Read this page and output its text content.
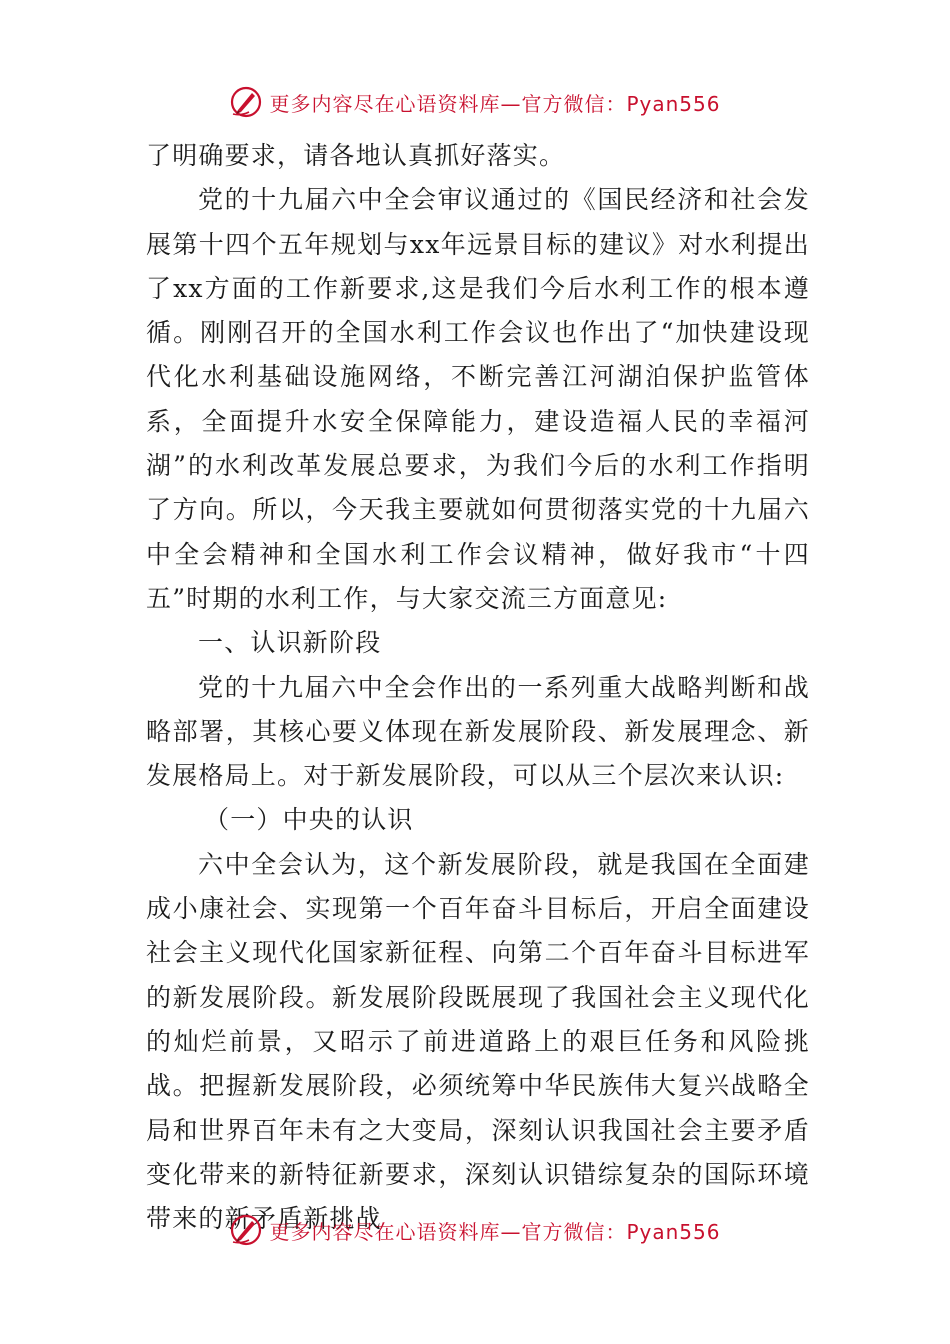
更多内容尽在心语资料库—官方微信：Pyan556

了明确要求，请各地认真抓好落实。

党的十九届六中全会审议通过的《国民经济和社会发展第十四个五年规划与xx年远景目标的建议》对水利提出了xx方面的工作新要求,这是我们今后水利工作的根本遵循。刚刚召开的全国水利工作会议也作出了“加快建设现代化水利基础设施网络，不断完善江河湖泊保护监管体系，全面提升水安全保障能力，建设造福人民的幸福河湖”的水利改革发展总要求，为我们今后的水利工作指明了方向。所以，今天我主要就如何贯彻落实党的十九届六中全会精神和全国水利工作会议精神，做好我市“十四五”时期的水利工作，与大家交流三方面意见:

一、认识新阶段

党的十九届六中全会作出的一系列重大战略判断和战略部署，其核心要义体现在新发展阶段、新发展理念、新发展格局上。对于新发展阶段，可以从三个层次来认识:

（一）中央的认识

六中全会认为，这个新发展阶段，就是我国在全面建成小康社会、实现第一个百年奋斗目标后，开启全面建设社会主义现代化国家新征程、向第二个百年奋斗目标进军的新发展阶段。新发展阶段既展现了我国社会主义现代化的灿烂前景，又昭示了前进道路上的艰巨任务和风险挑战。把握新发展阶段，必须统筹中华民族伟大复兴战略全局和世界百年未有之大变局，深刻认识我国社会主要矛盾变化带来的新特征新要求，深刻认识错综复杂的国际环境带来的新矛盾新挑战

更多内容尽在心语资料库—官方微信：Pyan556
